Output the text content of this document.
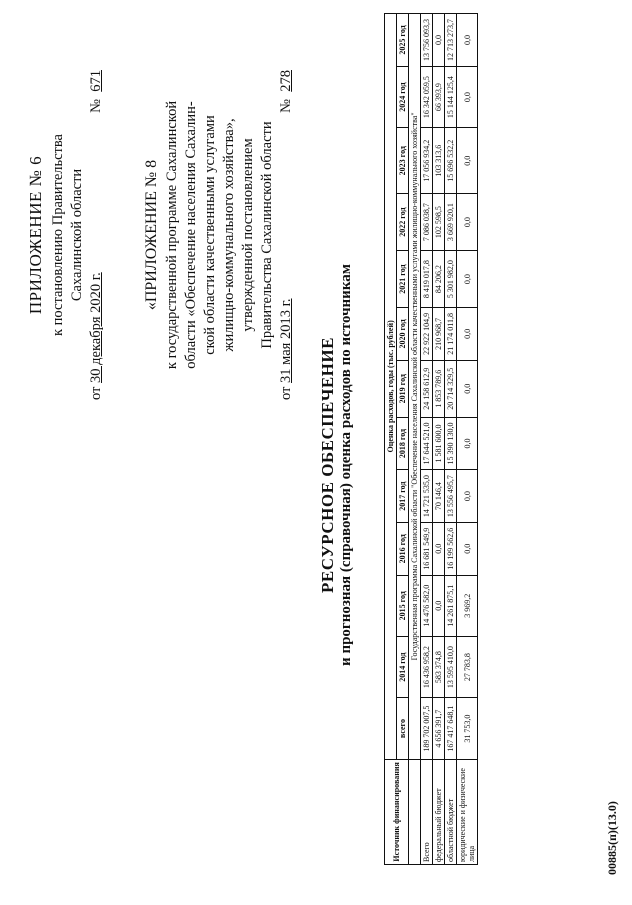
ПРИЛОЖЕНИЕ № 6 к постановлению Правительства Сахалинской области
от 30 декабря 2020 г.
№  671
«ПРИЛОЖЕНИЕ № 8 к государственной программе Сахалинской области «Обеспечение населения Сахалин- ской области качественными услугами жилищно-коммунального хозяйства», утвержденной постановлением Правительства Сахалинской области
от 31 мая 2013 г.
№  278
РЕСУРСНОЕ ОБЕСПЕЧЕНИЕ и прогнозная (справочная) оценка расходов по источникам
Источник финансирования	Оценка расходов, годы (тыс. рублей)												
	всего	2014 год	2015 год	2016 год	2017 год	2018 год	2019 год	2020 год	2021 год	2022 год	2023 год	2024 год	2025 год
	Государственная программа Сахалинской области "Обеспечение населения Сахалинской области качественными услугами жилищно-коммунального хозяйства"												
Всего	189 702 007,5	16 436 958,2	14 476 582,0	16 681 549,9	14 721 535,0	17 644 521,0	24 158 612,9	22 922 104,9	8 419 017,8	7 086 038,7	17 056 934,2	16 342 059,5	13 756 093,3
федеральный бюджет	4 656 391,7	583 374,8	0,0	0,0	70 146,4	1 581 600,0	1 853 789,6	210 968,7	84 206,2	102 598,5	103 313,6	66 393,9	0,0
областной бюджет	167 417 648,1	13 595 410,0	14 261 875,1	16 199 562,6	13 556 495,7	15 390 130,0	20 714 329,5	21 174 011,8	5 301 982,0	3 669 920,1	15 696 532,2	15 144 125,4	12 713 273,7
юридические и физические лица	31 753,0	27 783,8	3 969,2	0,0	0,0	0,0	0,0	0,0	0,0	0,0	0,0	0,0	0,0
00885(п)(13.0)
